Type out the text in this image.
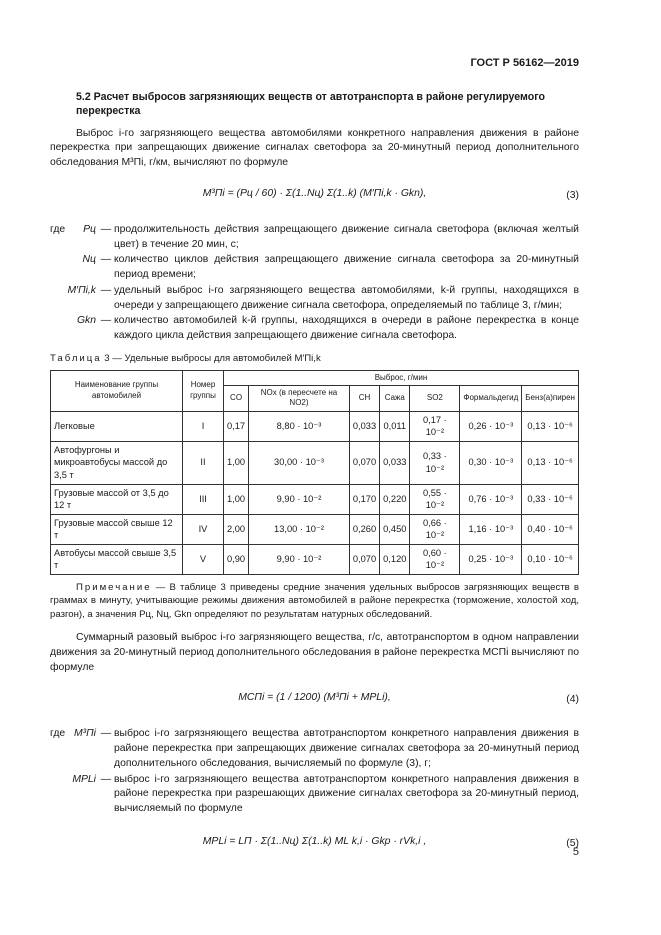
ГОСТ Р 56162—2019
5.2 Расчет выбросов загрязняющих веществ от автотранспорта в районе регулируемого перекрестка

Выброс i-го загрязняющего вещества автомобилями конкретного направления движения в районе перекрестка при запрещающих движение сигналах светофора за 20-минутный период дополнительного обследования M³Пi, г/км, вычисляют по формуле

M³Пi = (Pц / 60) · Σ(1..Nц) Σ(1..k) (M′Пi,k · Gkn),	(3)
где Pц — продолжительность действия запрещающего движение сигнала светофора (включая желтый цвет) в течение 20 мин, с;
Nц — количество циклов действия запрещающего движение сигнала светофора за 20-минутный период времени;
M′Пi,k — удельный выброс i-го загрязняющего вещества автомобилями, k-й группы, находящихся в очереди у запрещающего движение сигнала светофора, определяемый по таблице 3, г/мин;
Gkn — количество автомобилей k-й группы, находящихся в очереди в районе перекрестка в конце каждого цикла действия запрещающего движение сигнала светофора.
Таблица 3 — Удельные выбросы для автомобилей M′Пi,k
Наименование группы автомобилей	Номер группы	Выброс, г/мин						
		CO	NOx (в пересчете на NO2)	CH	Сажа	SO2	Формальдегид	Бенз(а)пирен
Легковые	I	0,17	8,80 · 10⁻³	0,033	0,011	0,17 · 10⁻²	0,26 · 10⁻³	0,13 · 10⁻⁶
Автофургоны и микроавтобусы массой до 3,5 т	II	1,00	30,00 · 10⁻³	0,070	0,033	0,33 · 10⁻²	0,30 · 10⁻³	0,13 · 10⁻⁶
Грузовые массой от 3,5 до 12 т	III	1,00	9,90 · 10⁻²	0,170	0,220	0,55 · 10⁻²	0,76 · 10⁻³	0,33 · 10⁻⁶
Грузовые массой свыше 12 т	IV	2,00	13,00 · 10⁻²	0,260	0,450	0,66 · 10⁻²	1,16 · 10⁻³	0,40 · 10⁻⁶
Автобусы массой свыше 3,5 т	V	0,90	9,90 · 10⁻²	0,070	0,120	0,60 · 10⁻²	0,25 · 10⁻³	0,10 · 10⁻⁶
Примечание — В таблице 3 приведены средние значения удельных выбросов загрязняющих веществ в граммах в минуту, учитывающие режимы движения автомобилей в районе перекрестка (торможение, холостой ход, разгон), а значения Pц, Nц, Gkn определяют по результатам натурных обследований.

Суммарный разовый выброс i-го загрязняющего вещества, г/с, автотранспортом в одном направлении движения за 20-минутный период дополнительного обследования в районе перекрестка MСПi вычисляют по формуле

MСПi = (1 / 1200) (M³Пi + MРLi),	(4)
где M³Пi — выброс i-го загрязняющего вещества автотранспортом конкретного направления движения в районе перекрестка при запрещающих движение сигналах светофора за 20-минутный период дополнительного обследования, вычисляемый по формуле (3), г;
MРLi — выброс i-го загрязняющего вещества автотранспортом конкретного направления движения в районе перекрестка при разрешающих движение сигналах светофора за 20-минутный период, вычисляемый по формуле
MРLi = LП · Σ(1..Nц) Σ(1..k) ML k,i · Gkp · rVk,i ,	(5)
5
